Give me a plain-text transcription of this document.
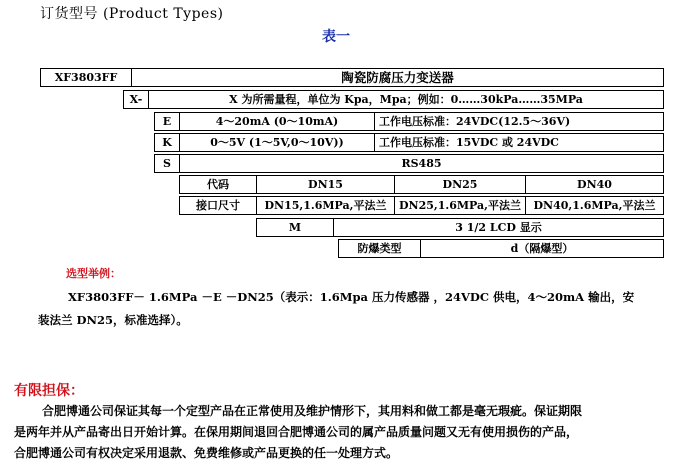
订货型号 (Product Types)
表一
XF3803FF	陶瓷防腐压力变送器
X-	X 为所需量程，单位为 Kpa，Mpa；例如：0……30kPa……35MPa
E	4～20mA (0～10mA)	工作电压标准：24VDC(12.5～36V)
K	0～5V (1～5V,0～10V))	工作电压标准：15VDC 或 24VDC
S	RS485
代码	DN15	DN25	DN40
接口尺寸	DN15,1.6MPa,平法兰	DN25,1.6MPa,平法兰	DN40,1.6MPa,平法兰
M	3 1/2 LCD 显示
防爆类型	d（隔爆型）
选型举例：
XF3803FF－ 1.6MPa －E －DN25（表示：1.6Mpa 压力传感器 ，24VDC 供电，4～20mA 输出，安
装法兰 DN25，标准选择）。
有限担保：
合肥博通公司保证其每一个定型产品在正常使用及维护情形下，其用料和做工都是毫无瑕疵。保证期限
是两年并从产品寄出日开始计算。在保用期间退回合肥博通公司的属产品质量问题又无有使用损伤的产品，
合肥博通公司有权决定采用退款、免费维修或产品更换的任一处理方式。
